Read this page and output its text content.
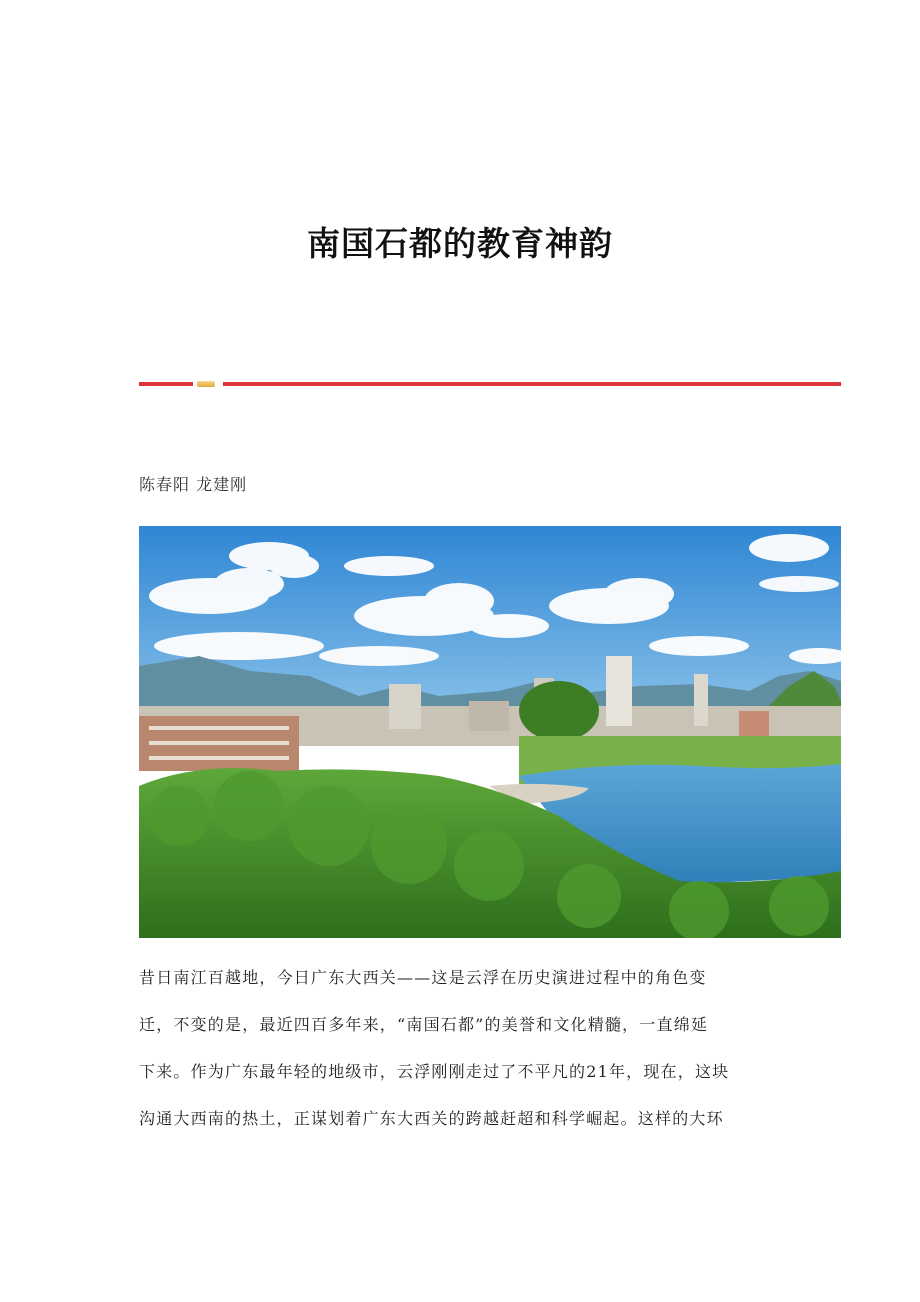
南国石都的教育神韵
陈春阳 龙建刚
昔日南江百越地，今日广东大西关——这是云浮在历史演进过程中的角色变
迁，不变的是，最近四百多年来，“南国石都”的美誉和文化精髓，一直绵延
下来。作为广东最年轻的地级市，云浮刚刚走过了不平凡的21年，现在，这块
沟通大西南的热土，正谋划着广东大西关的跨越赶超和科学崛起。这样的大环
